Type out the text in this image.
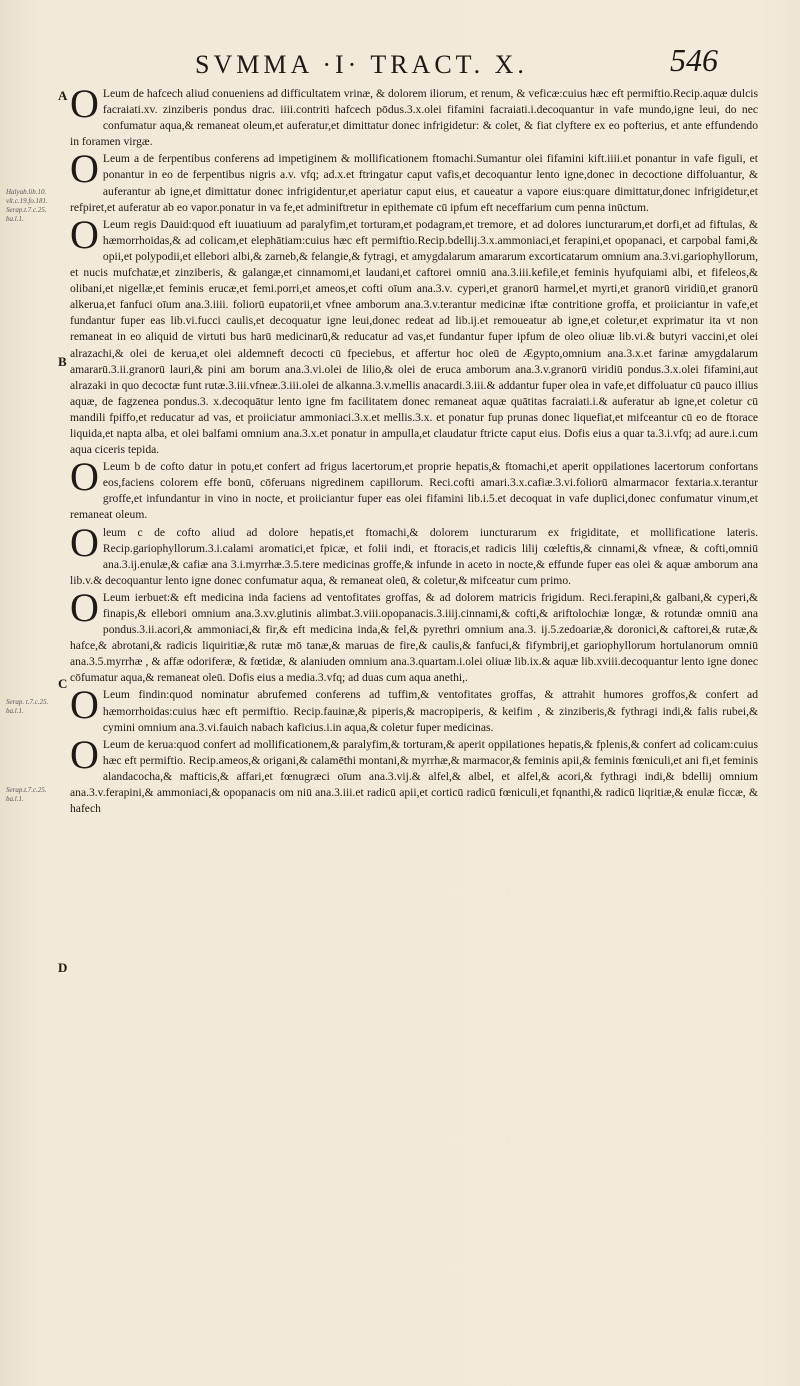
SVMMA ·I· TRACT. X.	546
A
B
C
D
Halyab.lib.10. vlt.c.19.fo.181. Serap.t.7.c.25. ba.l.1.
Serap. t.7.c.25. ba.l.1.
Serap.t.7.c.25. ba.l.1.

O Leum de hafcech aliud conueniens ad difficultatem vrinæ, & dolorem iliorum, et renum, & veficæ:cuius hæc eft permiftio.Recip.aquæ dulcis facraiati.xv. zinziberis pondus drac. iiii.contriti hafcech pōdus.3.x.olei fifamini facraiati.i.decoquantur in vafe mundo,igne leui, do nec confumatur aqua,& remaneat oleum,et auferatur,et dimittatur donec infrigidetur: & colet, & fiat clyftere ex eo pofterius, et ante effundendo in foramen virgæ.

O Leum a de ferpentibus conferens ad impetiginem & mollificationem ftomachi.Sumantur olei fifamini kift.iiii.et ponantur in vafe figuli, et ponantur in eo de ferpentibus nigris a.v. vfq; ad.x.et ftringatur caput vafis,et decoquantur lento igne,donec in decoctione diffoluantur, & auferantur ab igne,et dimittatur donec infrigidentur,et aperiatur caput eius, et caueatur a vapore eius:quare dimittatur,donec infrigidetur,et refpiret,et auferatur ab eo vapor.ponatur in va fe,et adminiftretur in epithemate cū ipfum eft neceffarium cum penna inūctum.

O Leum regis Dauid:quod eft iuuatiuum ad paralyfim,et torturam,et podagram,et tremore, et ad dolores iuncturarum,et dorfi,et ad fiftulas, & hæmorrhoidas,& ad colicam,et elephātiam:cuius hæc eft permiftio.Recip.bdellij.3.x.ammoniaci,et ferapini,et opopanaci, et carpobal fami,& opii,et polypodii,et ellebori albi,& zarneb,& felangie,& fytragi, et amygdalarum amararum excorticatarum omnium ana.3.vi.gariophyllorum, et nucis mufchatæ,et zinziberis, & galangæ,et cinnamomi,et laudani,et caftorei omniū ana.3.iii.kefile,et feminis hyufquiami albi, et fifeleos,& olibani,et nigellæ,et feminis erucæ,et femi.porri,et ameos,et cofti oīum ana.3.v. cyperi,et granorū harmel,et myrti,et granorū viridiū,et granorū alkerua,et fanfuci oīum ana.3.iiii. foliorū eupatorii,et vfnee amborum ana.3.v.terantur medicinæ iftæ contritione groffa, et proiiciantur in vafe,et fundantur fuper eas lib.vi.fucci caulis,et decoquatur igne leui,donec redeat ad lib.ij.et remoueatur ab igne,et coletur,et exprimatur ita vt non remaneat in eo aliquid de virtuti bus harū medicinarū,& reducatur ad vas,et fundantur fuper ipfum de oleo oliuæ lib.vi.& butyri vaccini,et olei alrazachi,& olei de kerua,et olei aldemneft decocti cū fpeciebus, et affertur hoc oleū de Ægypto,omnium ana.3.x.et farinæ amygdalarum amararū.3.ii.granorū lauri,& pini am borum ana.3.vi.olei de lilio,& olei de eruca amborum ana.3.v.granorū viridiū pondus.3.x.olei fifamini,aut alrazaki in quo decoctæ funt rutæ.3.iii.vfneæ.3.iii.olei de alkanna.3.v.mellis anacardi.3.iii.& addantur fuper olea in vafe,et diffoluatur cū pauco illius aquæ, de fagzenea pondus.3. x.decoquātur lento igne fm facilitatem donec remaneat aquæ quātitas facraiati.i.& auferatur ab igne,et coletur cū mandili fpiffo,et reducatur ad vas, et proiiciatur ammoniaci.3.x.et mellis.3.x. et ponatur fup prunas donec liquefiat,et mifceantur cū eo de ftorace liquida,et napta alba, et olei balfami omnium ana.3.x.et ponatur in ampulla,et claudatur ftricte caput eius. Dofis eius a quar ta.3.i.vfq; ad aure.i.cum aqua ciceris tepida.

O Leum b de cofto datur in potu,et confert ad frigus lacertorum,et proprie hepatis,& ftomachi,et aperit oppilationes lacertorum confortans eos,faciens colorem effe bonū, cōferuans nigredinem capillorum. Reci.cofti amari.3.x.cafiæ.3.vi.foliorū almarmacor fextaria.x.terantur groffe,et infundantur in vino in nocte, et proiiciantur fuper eas olei fifamini lib.i.5.et decoquat in vafe duplici,donec confumatur vinum,et remaneat oleum.

Oleum c de cofto aliud ad dolore hepatis,et ftomachi,& dolorem iuncturarum ex frigiditate, et mollificatione lateris. Recip.gariophyllorum.3.i.calami aromatici,et fpicæ, et folii indi, et ftoracis,et radicis lilij cœleftis,& cinnami,& vfneæ, & cofti,omniū ana.3.ij.enulæ,& cafiæ ana 3.i.myrrhæ.3.5.tere medicinas groffe,& infunde in aceto in nocte,& effunde fuper eas olei & aquæ amborum ana lib.v.& decoquantur lento igne donec confumatur aqua, & remaneat oleū, & coletur,& mifceatur cum primo.

O Leum ierbuet:& eft medicina inda faciens ad ventofitates groffas, & ad dolorem matricis frigidum. Reci.ferapini,& galbani,& cyperi,& finapis,& ellebori omnium ana.3.xv.glutinis alimbat.3.viii.opopanacis.3.iiij.cinnami,& cofti,& ariftolochiæ longæ, & rotundæ omniū ana pondus.3.ii.acori,& ammoniaci,& fir,& eft medicina inda,& fel,& pyrethri omnium ana.3. ij.5.zedoariæ,& doronici,& caftorei,& rutæ,& hafce,& abrotani,& radicis liquiritiæ,& rutæ mō tanæ,& maruas de fire,& caulis,& fanfuci,& fifymbrij,et gariophyllorum hortulanorum omniū ana.3.5.myrrhæ , & affæ odoriferæ, & fœtidæ, & alaniuden omnium ana.3.quartam.i.olei oliuæ lib.ix.& aquæ lib.xviii.decoquantur lento igne donec cōfumatur aqua,& remaneat oleū. Dofis eius a media.3.vfq; ad duas cum aqua anethi,.

O Leum findin:quod nominatur abrufemed conferens ad tuffim,& ventofitates groffas, & attrahit humores groffos,& confert ad hæmorrhoidas:cuius hæc eft permiftio. Recip.fauinæ,& piperis,& macropiperis, & keifim , & zinziberis,& fythragi indi,& falis rubei,& cymini omnium ana.3.vi.fauich nabach kaficius.i.in aqua,& coletur fuper medicinas.

O Leum de kerua:quod confert ad mollificationem,& paralyfim,& torturam,& aperit oppilationes hepatis,& fplenis,& confert ad colicam:cuius hæc eft permiftio. Recip.ameos,& origani,& calamēthi montani,& myrrhæ,& marmacor,& feminis apii,& feminis fœniculi,et ani fi,et feminis alandacocha,& mafticis,& affari,et fœnugræci oīum ana.3.vij.& alfel,& albel, et alfel,& acori,& fythragi indi,& bdellij omnium ana.3.v.ferapini,& ammoniaci,& opopanacis om niū ana.3.iii.et radicū apii,et corticū radicū fœniculi,et fqnanthi,& radicū liqritiæ,& enulæ ficcæ, & hafech
